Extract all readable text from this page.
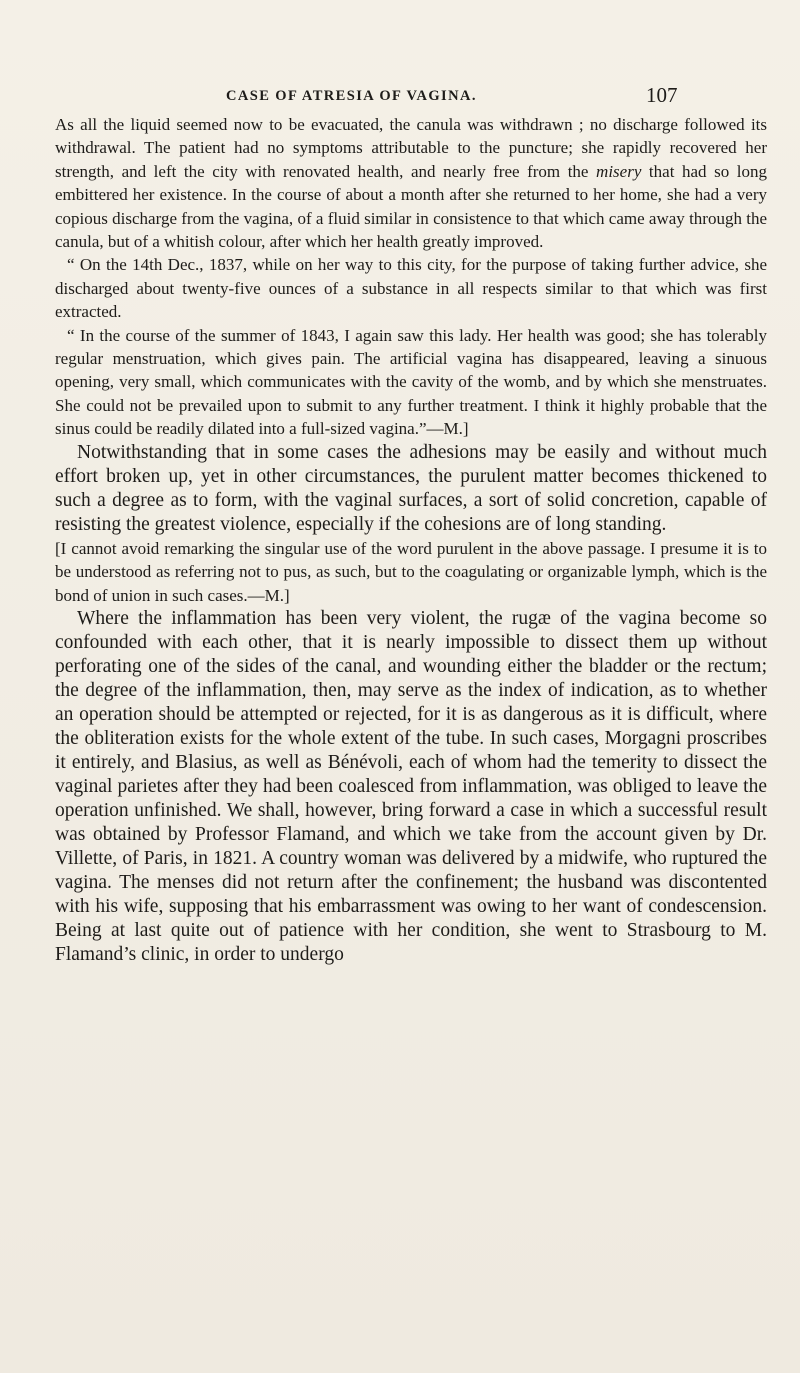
CASE OF ATRESIA OF VAGINA.	107

As all the liquid seemed now to be evacuated, the canula was withdrawn ; no discharge followed its withdrawal. The patient had no symptoms attributable to the puncture; she rapidly recovered her strength, and left the city with renovated health, and nearly free from the misery that had so long embittered her existence. In the course of about a month after she returned to her home, she had a very copious discharge from the vagina, of a fluid similar in consistence to that which came away through the canula, but of a whitish colour, after which her health greatly improved.

“ On the 14th Dec., 1837, while on her way to this city, for the purpose of taking further advice, she discharged about twenty-five ounces of a substance in all respects similar to that which was first extracted.

“ In the course of the summer of 1843, I again saw this lady. Her health was good; she has tolerably regular menstruation, which gives pain. The artificial vagina has disappeared, leaving a sinuous opening, very small, which communicates with the cavity of the womb, and by which she menstruates. She could not be prevailed upon to submit to any further treatment. I think it highly probable that the sinus could be readily dilated into a full-sized vagina.”—M.]

Notwithstanding that in some cases the adhesions may be easily and without much effort broken up, yet in other circumstances, the purulent matter becomes thickened to such a degree as to form, with the vaginal surfaces, a sort of solid concretion, capable of resisting the greatest violence, especially if the cohesions are of long standing.

[I cannot avoid remarking the singular use of the word purulent in the above passage. I presume it is to be understood as referring not to pus, as such, but to the coagulating or organizable lymph, which is the bond of union in such cases.—M.]

Where the inflammation has been very violent, the rugæ of the vagina become so confounded with each other, that it is nearly impossible to dissect them up without perforating one of the sides of the canal, and wounding either the bladder or the rectum; the degree of the inflammation, then, may serve as the index of indication, as to whether an operation should be attempted or rejected, for it is as dangerous as it is difficult, where the obliteration exists for the whole extent of the tube. In such cases, Morgagni proscribes it entirely, and Blasius, as well as Bénévoli, each of whom had the temerity to dissect the vaginal parietes after they had been coalesced from inflammation, was obliged to leave the operation unfinished. We shall, however, bring forward a case in which a successful result was obtained by Professor Flamand, and which we take from the account given by Dr. Villette, of Paris, in 1821. A country woman was delivered by a midwife, who ruptured the vagina. The menses did not return after the confinement; the husband was discontented with his wife, supposing that his embarrassment was owing to her want of condescension. Being at last quite out of patience with her condition, she went to Strasbourg to M. Flamand’s clinic, in order to undergo
